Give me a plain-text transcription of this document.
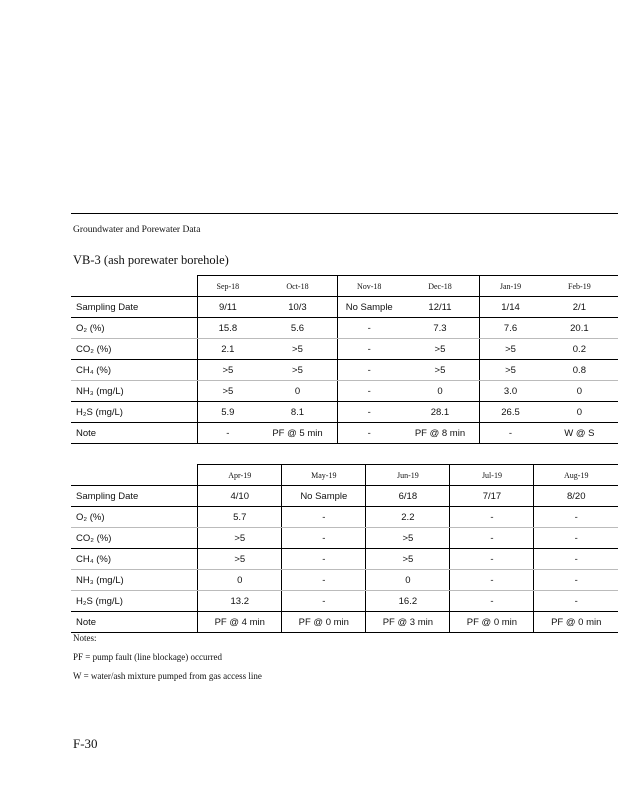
Groundwater and Porewater Data
VB-3 (ash porewater borehole)
	Sep-18	Oct-18	Nov-18	Dec-18	Jan-19	Feb-19
Sampling Date	9/11	10/3	No Sample	12/11	1/14	2/1
O₂ (%)	15.8	5.6	-	7.3	7.6	20.1
CO₂ (%)	2.1	>5	-	>5	>5	0.2
CH₄ (%)	>5	>5	-	>5	>5	0.8
NH₃ (mg/L)	>5	0	-	0	3.0	0
H₂S (mg/L)	5.9	8.1	-	28.1	26.5	0
Note	-	PF @ 5 min	-	PF @ 8 min	-	W @ S
	Apr-19	May-19	Jun-19	Jul-19	Aug-19
Sampling Date	4/10	No Sample	6/18	7/17	8/20
O₂ (%)	5.7	-	2.2	-	-
CO₂ (%)	>5	-	>5	-	-
CH₄ (%)	>5	-	>5	-	-
NH₃ (mg/L)	0	-	0	-	-
H₂S (mg/L)	13.2	-	16.2	-	-
Note	PF @ 4 min	PF @ 0 min	PF @ 3 min	PF @ 0 min	PF @ 0 min
Notes:
PF = pump fault (line blockage) occurred
W = water/ash mixture pumped from gas access line
F-30
